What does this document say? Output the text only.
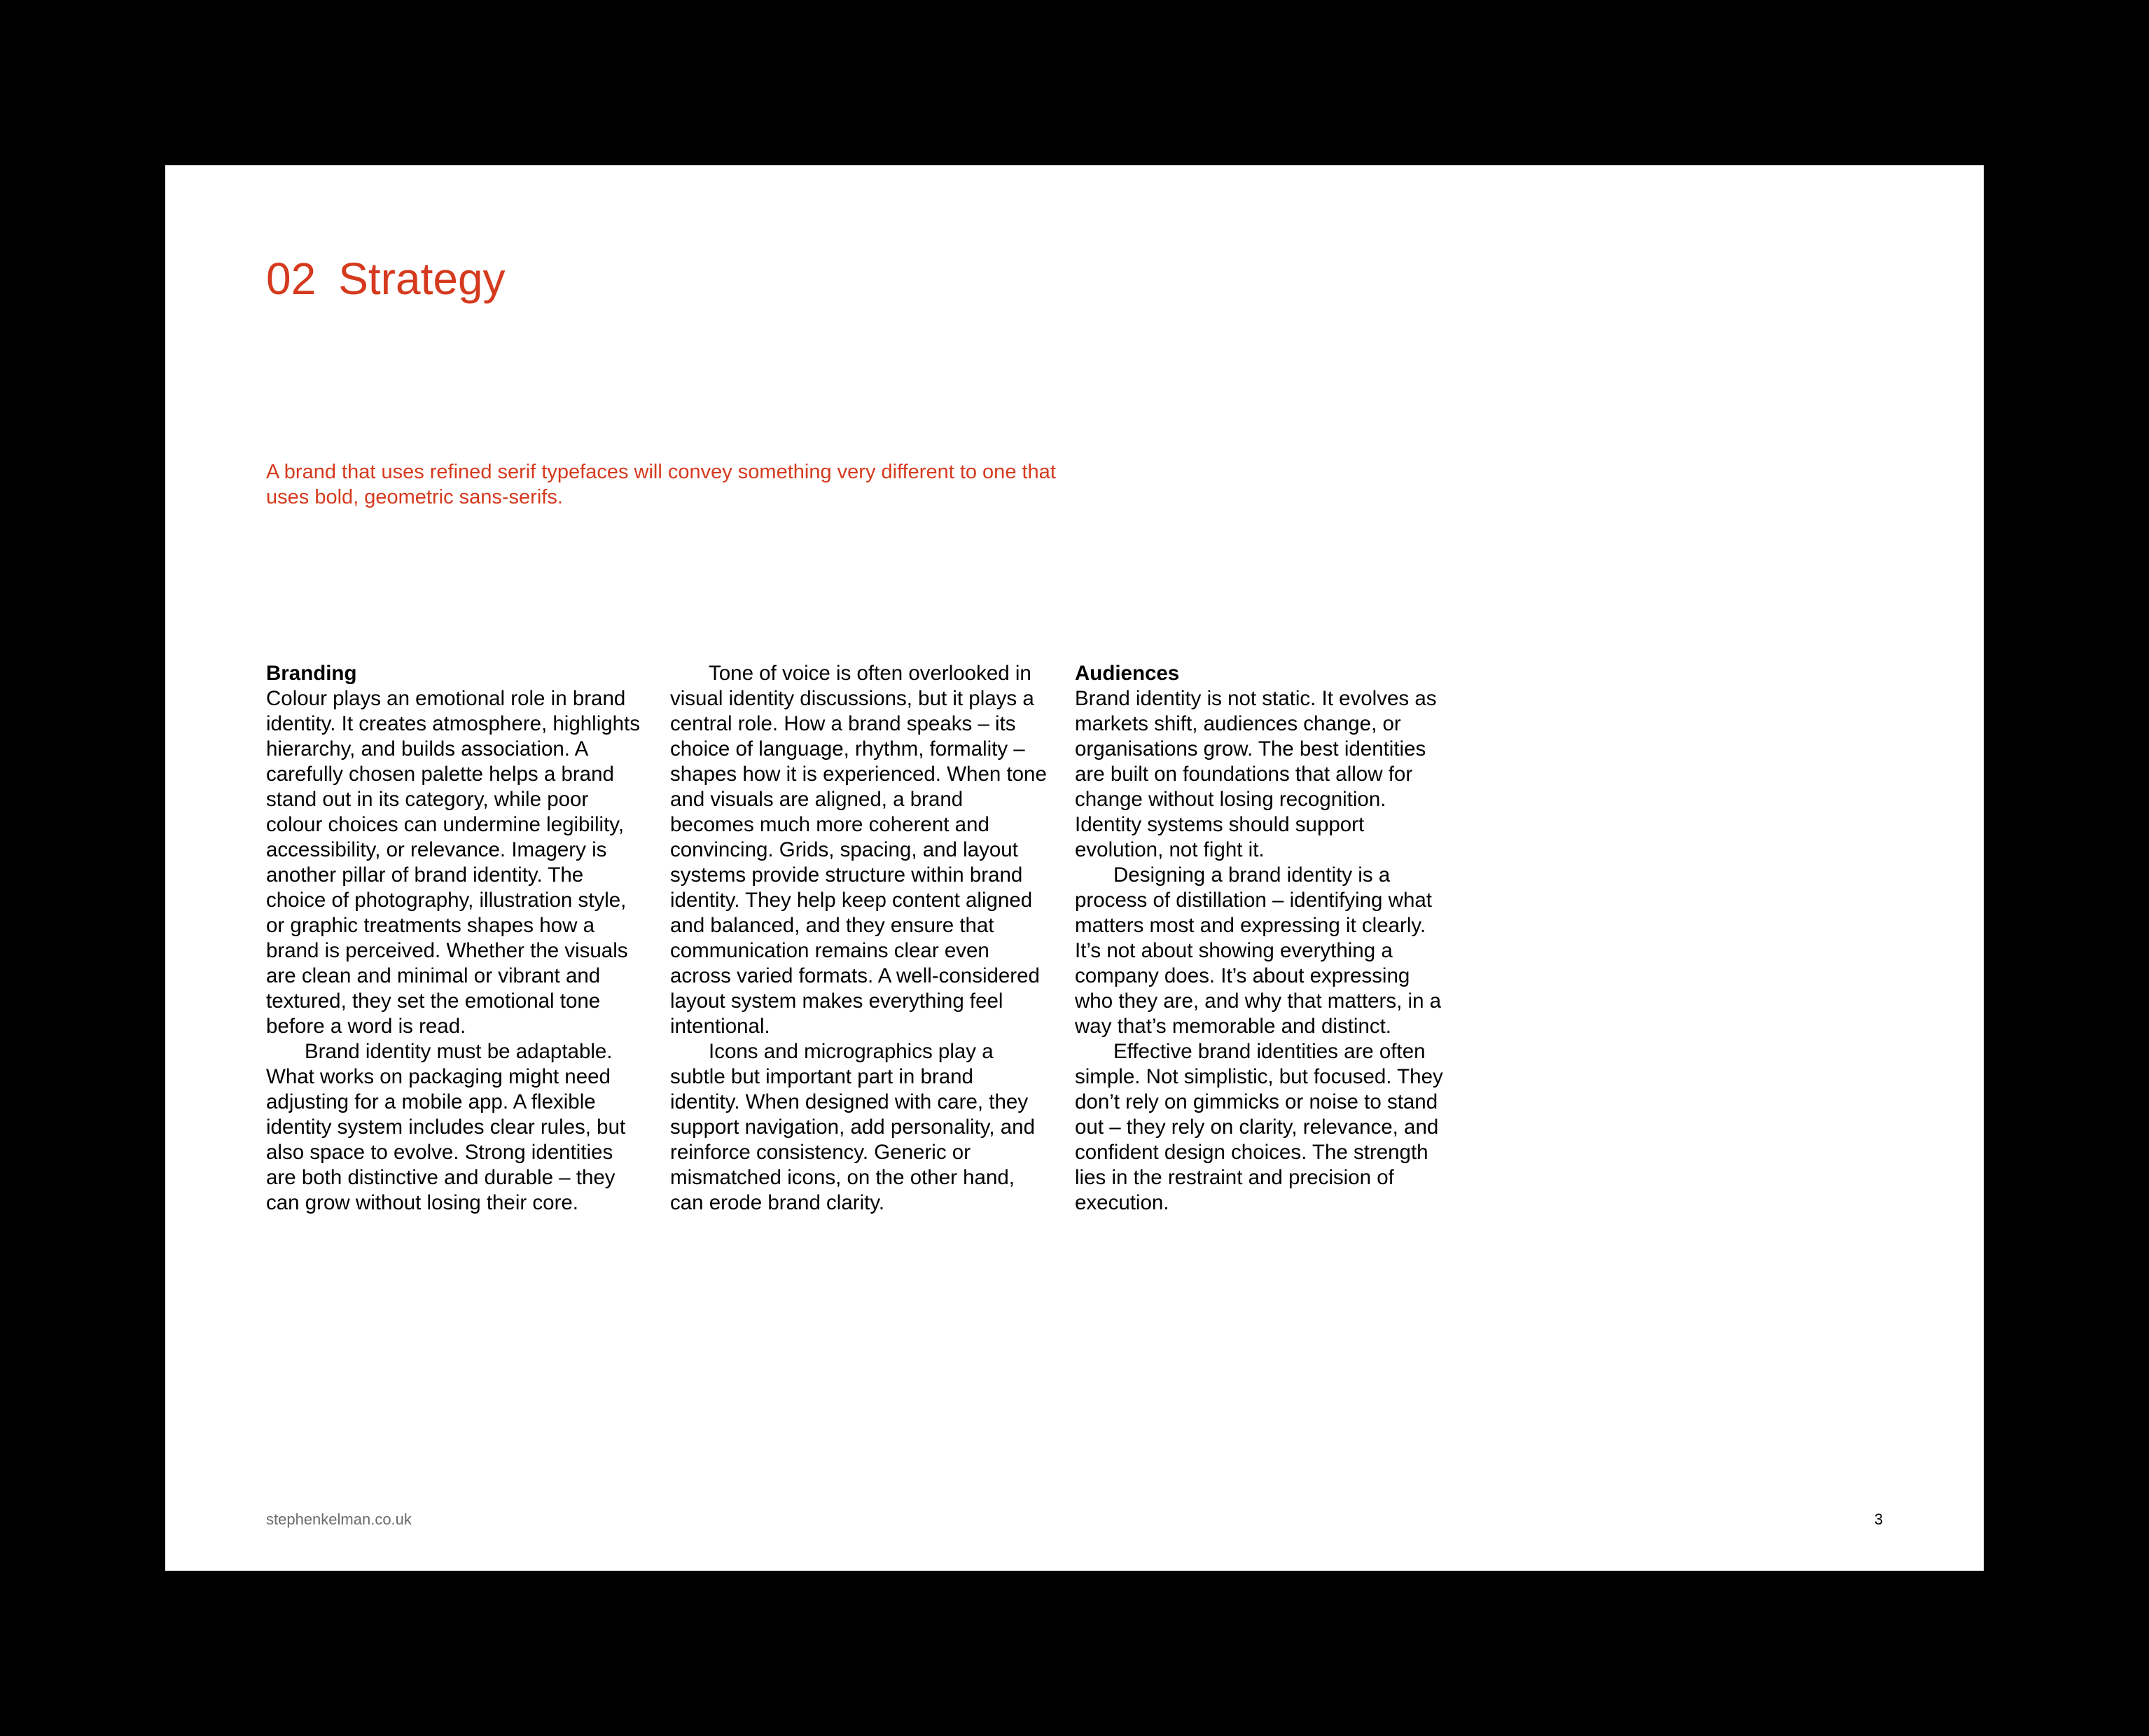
02 Strategy

A brand that uses refined serif typefaces will convey something very different to one that uses bold, geometric sans-serifs.

Branding

Colour plays an emotional role in brand identity. It creates atmosphere, highlights hierarchy, and builds association. A carefully chosen palette helps a brand stand out in its category, while poor colour choices can undermine legibility, accessibility, or relevance. Imagery is another pillar of brand identity. The choice of photography, illustration style, or graphic treatments shapes how a brand is perceived. Whether the visuals are clean and minimal or vibrant and textured, they set the emotional tone before a word is read.

Brand identity must be adaptable. What works on packaging might need adjusting for a mobile app. A flexible identity system includes clear rules, but also space to evolve. Strong identities are both distinctive and durable – they can grow without losing their core.

Tone of voice is often overlooked in visual identity discussions, but it plays a central role. How a brand speaks – its choice of language, rhythm, formality – shapes how it is experienced. When tone and visuals are aligned, a brand becomes much more coherent and convincing. Grids, spacing, and layout systems provide structure within brand identity. They help keep content aligned and balanced, and they ensure that communication remains clear even across varied formats. A well-considered layout system makes everything feel intentional.

Icons and micrographics play a subtle but important part in brand identity. When designed with care, they support navigation, add personality, and reinforce consistency. Generic or mismatched icons, on the other hand, can erode brand clarity.

Audiences

Brand identity is not static. It evolves as markets shift, audiences change, or organisations grow. The best identities are built on foundations that allow for change without losing recognition. Identity systems should support evolution, not fight it.

Designing a brand identity is a process of distillation – identifying what matters most and expressing it clearly. It’s not about showing everything a company does. It’s about expressing who they are, and why that matters, in a way that’s memorable and distinct.

Effective brand identities are often simple. Not simplistic, but focused. They don’t rely on gimmicks or noise to stand out – they rely on clarity, relevance, and confident design choices. The strength lies in the restraint and precision of execution.

stephenkelman.co.uk	3
